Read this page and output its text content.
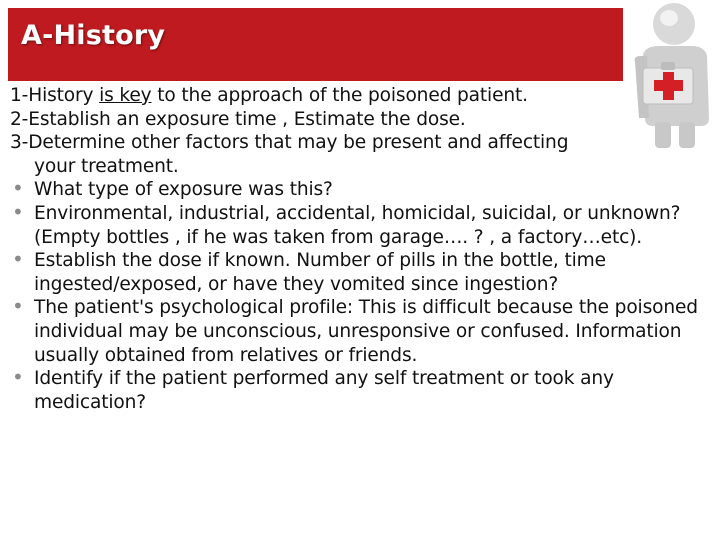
A-History
1-History is key to the approach of the poisoned patient.
2-Establish an exposure time , Estimate the dose.
3-Determine other factors that may be present and affecting
your treatment.
• What type of exposure was this?
• Environmental, industrial, accidental, homicidal, suicidal, or unknown? (Empty bottles , if he was taken from garage…. ? , a factory…etc).
• Establish the dose if known. Number of pills in the bottle, time ingested/exposed, or have they vomited since ingestion?
• The patient's psychological profile: This is difficult because the poisoned individual may be unconscious, unresponsive or confused. Information usually obtained from relatives or friends.
• Identify if the patient performed any self treatment or took any medication?
